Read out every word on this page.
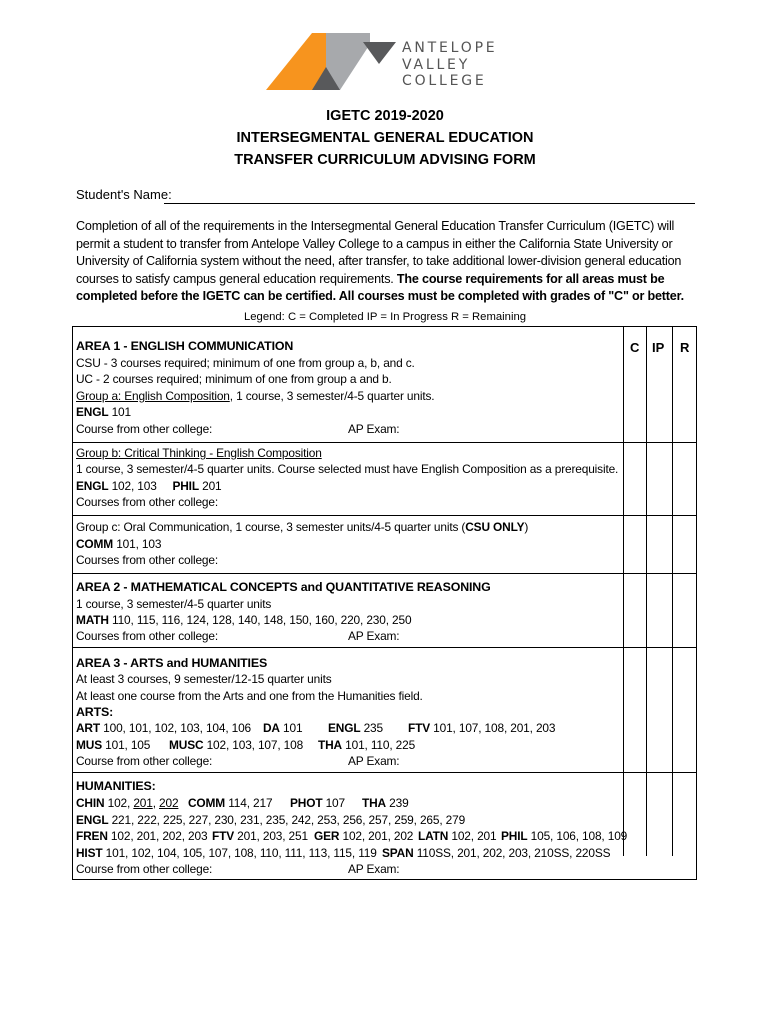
ANTELOPE
VALLEY
COLLEGE
IGETC 2019-2020
INTERSEGMENTAL GENERAL EDUCATION
TRANSFER CURRICULUM ADVISING FORM
Student's Name:
Completion of all of the requirements in the Intersegmental General Education Transfer Curriculum (IGETC) will permit a student to transfer from Antelope Valley College to a campus in either the California State University or University of California system without the need, after transfer, to take additional lower-division general education courses to satisfy campus general education requirements. The course requirements for all areas must be completed before the IGETC can be certified. All courses must be completed with grades of "C" or better.
Legend: C = Completed IP = In Progress R = Remaining
C IP R
AREA 1 - ENGLISH COMMUNICATION
CSU - 3 courses required; minimum of one from group a, b, and c.
UC - 2 courses required; minimum of one from group a and b.
Group a: English Composition, 1 course, 3 semester/4-5 quarter units.
ENGL 101
Course from other college:	AP Exam:
Group b: Critical Thinking - English Composition
1 course, 3 semester/4-5 quarter units. Course selected must have English Composition as a prerequisite.
ENGL 102, 103 PHIL 201
Courses from other college:
Group c: Oral Communication, 1 course, 3 semester units/4-5 quarter units (CSU ONLY)
COMM 101, 103
Courses from other college:
AREA 2 - MATHEMATICAL CONCEPTS and QUANTITATIVE REASONING
1 course, 3 semester/4-5 quarter units
MATH 110, 115, 116, 124, 128, 140, 148, 150, 160, 220, 230, 250
Courses from other college:	AP Exam:
AREA 3 - ARTS and HUMANITIES
At least 3 courses, 9 semester/12-15 quarter units
At least one course from the Arts and one from the Humanities field.
ARTS:
ART 100, 101, 102, 103, 104, 106 DA 101 ENGL 235 FTV 101, 107, 108, 201, 203
MUS 101, 105 MUSC 102, 103, 107, 108 THA 101, 110, 225
Course from other college:	AP Exam:
HUMANITIES:
CHIN 102, 201, 202 COMM 114, 217 PHOT 107 THA 239
ENGL 221, 222, 225, 227, 230, 231, 235, 242, 253, 256, 257, 259, 265, 279
FREN 102, 201, 202, 203 FTV 201, 203, 251 GER 102, 201, 202 LATN 102, 201 PHIL 105, 106, 108, 109
HIST 101, 102, 104, 105, 107, 108, 110, 111, 113, 115, 119 SPAN 110SS, 201, 202, 203, 210SS, 220SS
Course from other college:	AP Exam:
